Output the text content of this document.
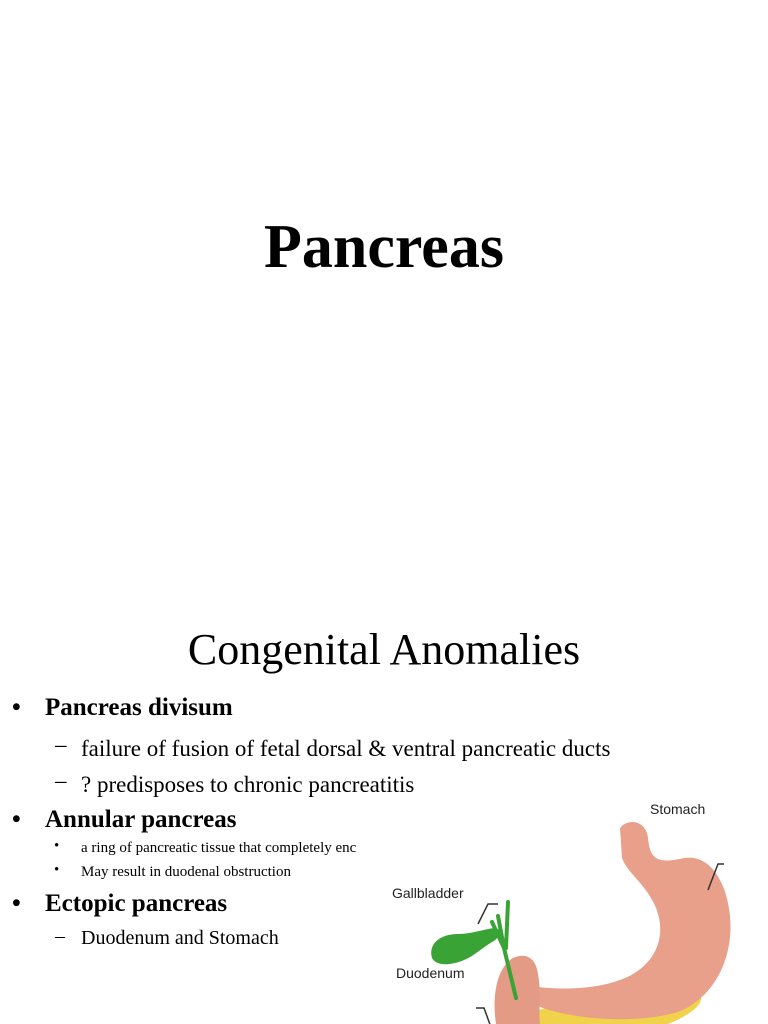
Pancreas
Congenital Anomalies
• Pancreas divisum
– failure of fusion of fetal dorsal & ventral pancreatic ducts
– ? predisposes to chronic pancreatitis
• Annular pancreas
• a ring of pancreatic tissue that completely enc
• May result in duodenal obstruction
• Ectopic pancreas
– Duodenum and Stomach
Stomach
Gallbladder
Duodenum
